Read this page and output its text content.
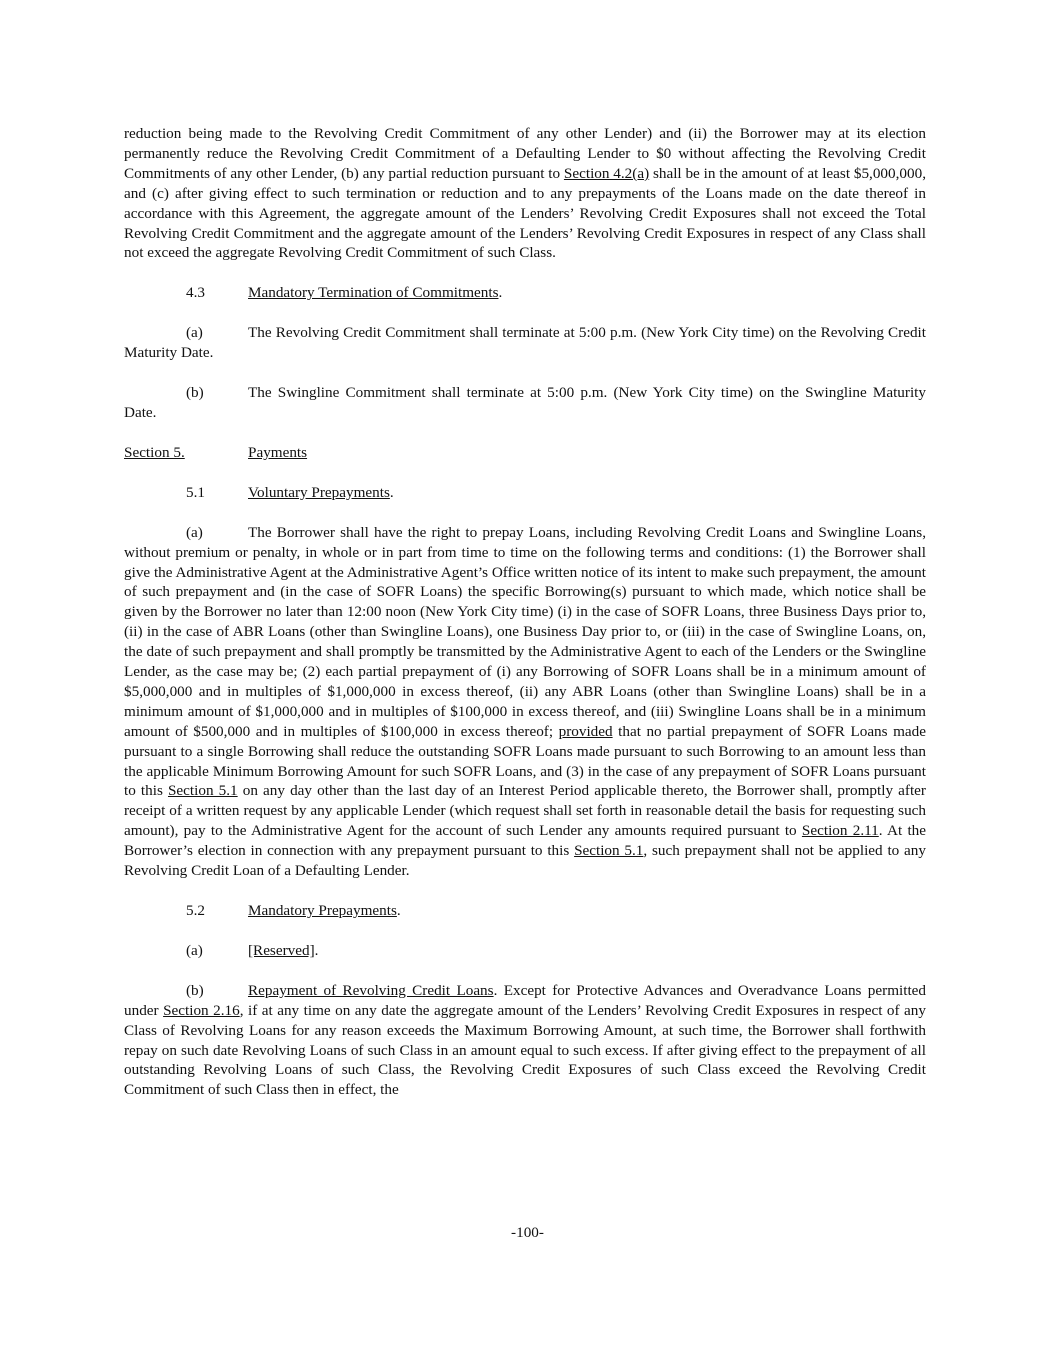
reduction being made to the Revolving Credit Commitment of any other Lender) and (ii) the Borrower may at its election permanently reduce the Revolving Credit Commitment of a Defaulting Lender to $0 without affecting the Revolving Credit Commitments of any other Lender, (b) any partial reduction pursuant to Section 4.2(a) shall be in the amount of at least $5,000,000, and (c) after giving effect to such termination or reduction and to any prepayments of the Loans made on the date thereof in accordance with this Agreement, the aggregate amount of the Lenders’ Revolving Credit Exposures shall not exceed the Total Revolving Credit Commitment and the aggregate amount of the Lenders’ Revolving Credit Exposures in respect of any Class shall not exceed the aggregate Revolving Credit Commitment of such Class.

4.3	Mandatory Termination of Commitments.

(a)	The Revolving Credit Commitment shall terminate at 5:00 p.m. (New York City time) on the Revolving Credit Maturity Date.

(b)	The Swingline Commitment shall terminate at 5:00 p.m. (New York City time) on the Swingline Maturity Date.

Section 5.	Payments

5.1	Voluntary Prepayments.

(a)	The Borrower shall have the right to prepay Loans, including Revolving Credit Loans and Swingline Loans, without premium or penalty, in whole or in part from time to time on the following terms and conditions: (1) the Borrower shall give the Administrative Agent at the Administrative Agent’s Office written notice of its intent to make such prepayment, the amount of such prepayment and (in the case of SOFR Loans) the specific Borrowing(s) pursuant to which made, which notice shall be given by the Borrower no later than 12:00 noon (New York City time) (i) in the case of SOFR Loans, three Business Days prior to, (ii) in the case of ABR Loans (other than Swingline Loans), one Business Day prior to, or (iii) in the case of Swingline Loans, on, the date of such prepayment and shall promptly be transmitted by the Administrative Agent to each of the Lenders or the Swingline Lender, as the case may be; (2) each partial prepayment of (i) any Borrowing of SOFR Loans shall be in a minimum amount of $5,000,000 and in multiples of $1,000,000 in excess thereof, (ii) any ABR Loans (other than Swingline Loans) shall be in a minimum amount of $1,000,000 and in multiples of $100,000 in excess thereof, and (iii) Swingline Loans shall be in a minimum amount of $500,000 and in multiples of $100,000 in excess thereof; provided that no partial prepayment of SOFR Loans made pursuant to a single Borrowing shall reduce the outstanding SOFR Loans made pursuant to such Borrowing to an amount less than the applicable Minimum Borrowing Amount for such SOFR Loans, and (3) in the case of any prepayment of SOFR Loans pursuant to this Section 5.1 on any day other than the last day of an Interest Period applicable thereto, the Borrower shall, promptly after receipt of a written request by any applicable Lender (which request shall set forth in reasonable detail the basis for requesting such amount), pay to the Administrative Agent for the account of such Lender any amounts required pursuant to Section 2.11. At the Borrower’s election in connection with any prepayment pursuant to this Section 5.1, such prepayment shall not be applied to any Revolving Credit Loan of a Defaulting Lender.

5.2	Mandatory Prepayments.

(a)	[Reserved].

(b)	Repayment of Revolving Credit Loans. Except for Protective Advances and Overadvance Loans permitted under Section 2.16, if at any time on any date the aggregate amount of the Lenders’ Revolving Credit Exposures in respect of any Class of Revolving Loans for any reason exceeds the Maximum Borrowing Amount, at such time, the Borrower shall forthwith repay on such date Revolving Loans of such Class in an amount equal to such excess. If after giving effect to the prepayment of all outstanding Revolving Loans of such Class, the Revolving Credit Exposures of such Class exceed the Revolving Credit Commitment of such Class then in effect, the

-100-
